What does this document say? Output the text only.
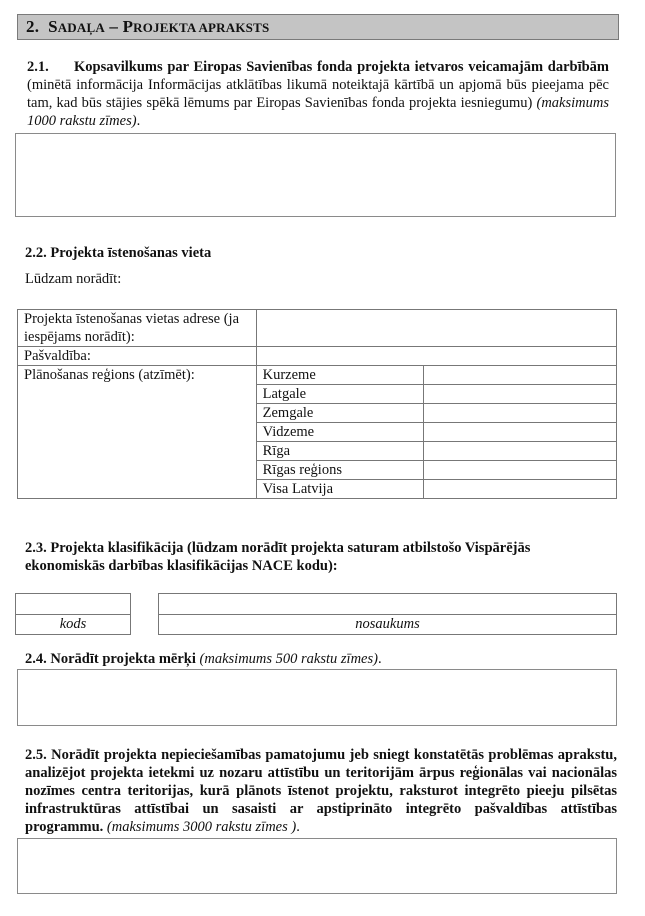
2. SADAĻA – PROJEKTA APRAKSTS
2.1. Kopsavilkums par Eiropas Savienības fonda projekta ietvaros veicamajām darbībām (minētā informācija Informācijas atklātības likumā noteiktajā kārtībā un apjomā būs pieejama pēc tam, kad būs stājies spēkā lēmums par Eiropas Savienības fonda projekta iesniegumu) (maksimums 1000 rakstu zīmes).
2.2. Projekta īstenošanas vieta
Lūdzam norādīt:
Projekta īstenošanas vietas adrese (ja iespējams norādīt):		
Pašvaldība:		
Plānošanas reģions (atzīmēt):	Kurzeme	
	Latgale	
	Zemgale	
	Vidzeme	
	Rīga	
	Rīgas reģions	
	Visa Latvija	
2.3. Projekta klasifikācija (lūdzam norādīt projekta saturam atbilstošo Vispārējās ekonomiskās darbības klasifikācijas NACE kodu):
kods	nosaukums
2.4. Norādīt projekta mērķi (maksimums 500 rakstu zīmes).
2.5. Norādīt projekta nepieciešamības pamatojumu jeb sniegt konstatētās problēmas aprakstu, analizējot projekta ietekmi uz nozaru attīstību un teritorijām ārpus reģionālas vai nacionālas nozīmes centra teritorijas, kurā plānots īstenot projektu, raksturot integrēto pieeju pilsētas infrastruktūras attīstībai un sasaisti ar apstiprināto integrēto pašvaldības attīstības programmu. (maksimums 3000 rakstu zīmes ).
